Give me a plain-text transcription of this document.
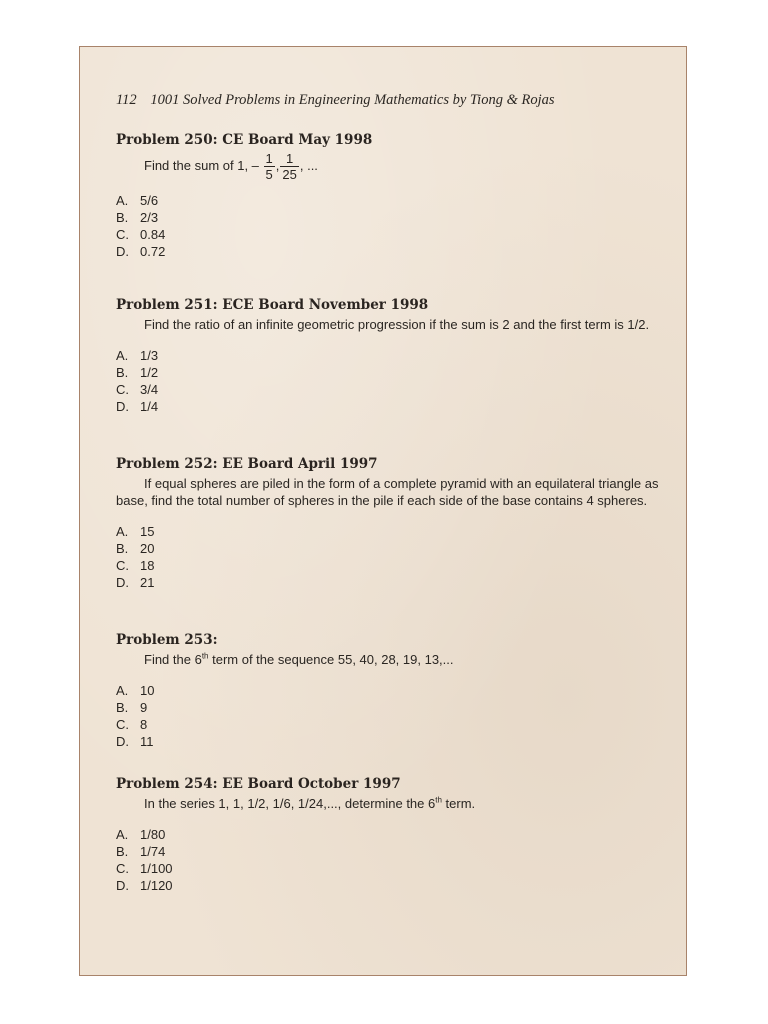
112 1001 Solved Problems in Engineering Mathematics by Tiong & Rojas
Problem 250: CE Board May 1998
Find the sum of 1, – $\frac{1}{5}$ , $\frac{1}{25}$ , ...
A. 5/6
B. 2/3
C. 0.84
D. 0.72
Problem 251: ECE Board November 1998
Find the ratio of an infinite geometric progression if the sum is 2 and the first term is 1/2.
A. 1/3
B. 1/2
C. 3/4
D. 1/4
Problem 252: EE Board April 1997
If equal spheres are piled in the form of a complete pyramid with an equilateral triangle as base, find the total number of spheres in the pile if each side of the base contains 4 spheres.
A. 15
B. 20
C. 18
D. 21
Problem 253:
Find the 6th term of the sequence 55, 40, 28, 19, 13,...
A. 10
B. 9
C. 8
D. 11
Problem 254: EE Board October 1997
In the series 1, 1, 1/2, 1/6, 1/24,..., determine the 6th term.
A. 1/80
B. 1/74
C. 1/100
D. 1/120
